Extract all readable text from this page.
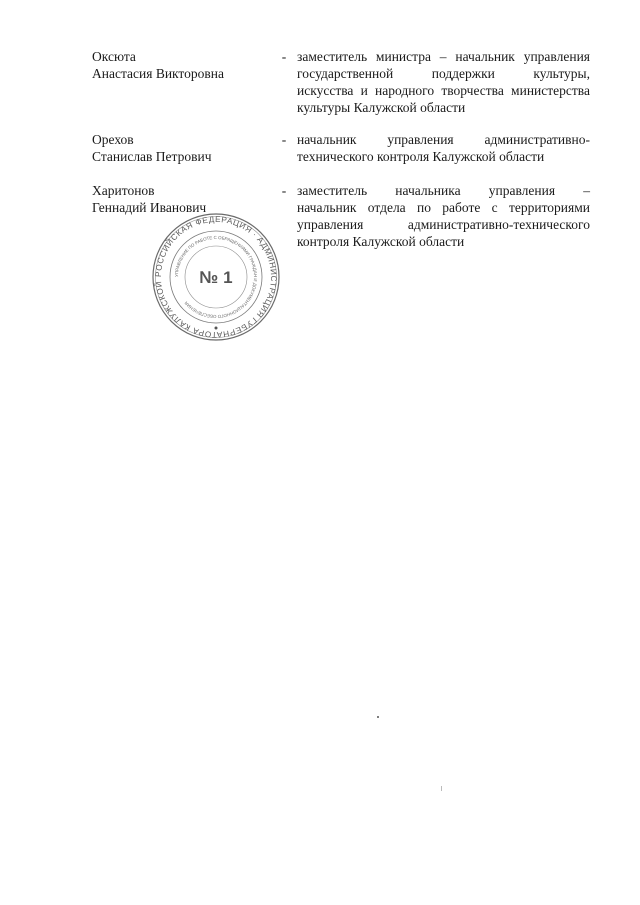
Оксюта
Анастасия Викторовна
- заместитель министра – начальник управления
государственной поддержки культуры,
искусства и народного творчества министерства
культуры Калужской области
Орехов
Станислав Петрович
- начальник управления административно-
технического контроля Калужской области
Харитонов
Геннадий Иванович
- заместитель начальника управления –
начальник отдела по работе с территориями
управления административно-технического
контроля Калужской области
РОССИЙСКАЯ ФЕДЕРАЦИЯ · АДМИНИСТРАЦИЯ ГУБЕРНАТОРА КАЛУЖСКОЙ
УПРАВЛЕНИЕ ПО РАБОТЕ С ОБРАЩЕНИЯМИ ГРАЖДАН И ДОКУМЕНТАЦИОННОГО ОБЕСПЕЧЕНИЯ
№ 1
